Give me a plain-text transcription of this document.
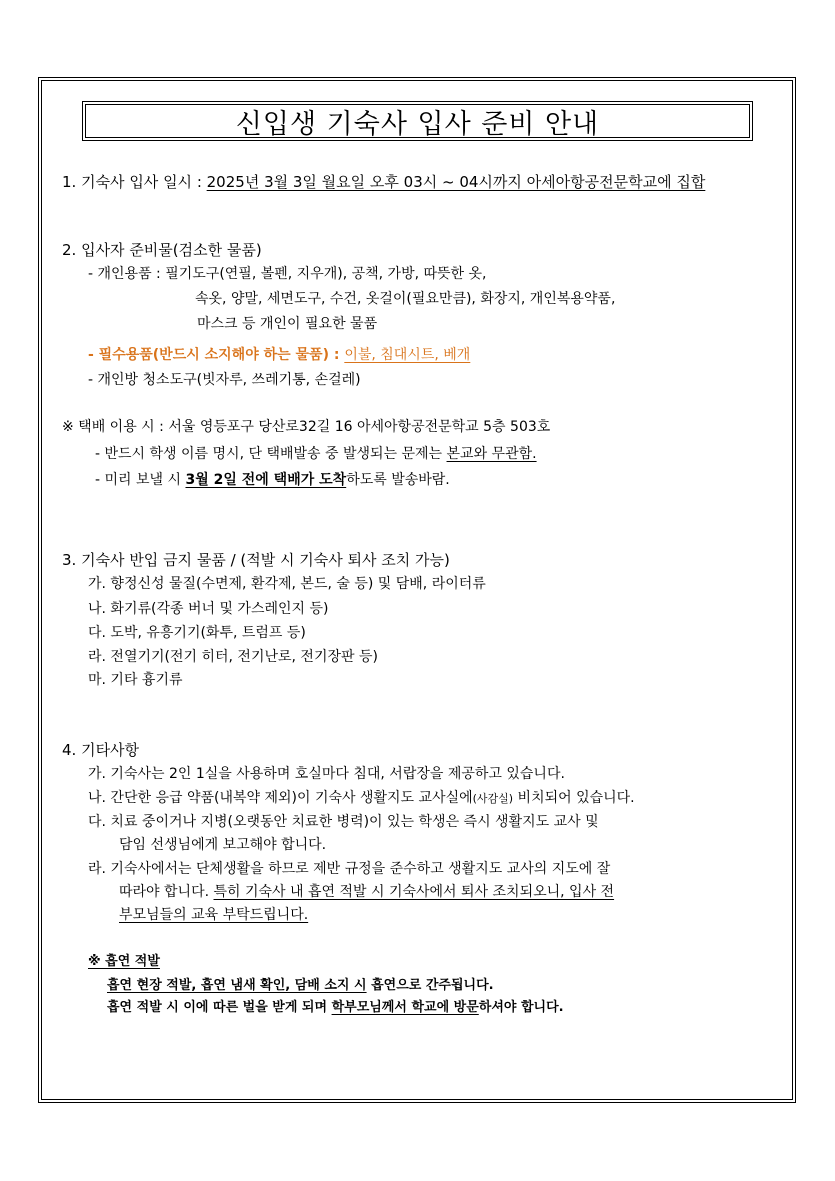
신입생 기숙사 입사 준비 안내
1. 기숙사 입사 일시 : 2025년 3월 3일 월요일 오후 03시 ~ 04시까지 아세아항공전문학교에 집합
2. 입사자 준비물(검소한 물품)
- 개인용품 : 필기도구(연필, 볼펜, 지우개), 공책, 가방, 따뜻한 옷,
속옷, 양말, 세면도구, 수건, 옷걸이(필요만큼), 화장지, 개인복용약품,
마스크 등 개인이 필요한 물품
- 필수용품(반드시 소지해야 하는 물품) : 이불, 침대시트, 베개
- 개인방 청소도구(빗자루, 쓰레기통, 손걸레)
※ 택배 이용 시 : 서울 영등포구 당산로32길 16 아세아항공전문학교 5층 503호
- 반드시 학생 이름 명시, 단 택배발송 중 발생되는 문제는 본교와 무관함.
- 미리 보낼 시 3월 2일 전에 택배가 도착하도록 발송바람.
3. 기숙사 반입 금지 물품 / (적발 시 기숙사 퇴사 조치 가능)
가. 향정신성 물질(수면제, 환각제, 본드, 술 등) 및 담배, 라이터류
나. 화기류(각종 버너 및 가스레인지 등)
다. 도박, 유흥기기(화투, 트럼프 등)
라. 전열기기(전기 히터, 전기난로, 전기장판 등)
마. 기타 흉기류
4. 기타사항
가. 기숙사는 2인 1실을 사용하며 호실마다 침대, 서랍장을 제공하고 있습니다.
나. 간단한 응급 약품(내복약 제외)이 기숙사 생활지도 교사실에(사감실) 비치되어 있습니다.
다. 치료 중이거나 지병(오랫동안 치료한 병력)이 있는 학생은 즉시 생활지도 교사 및
담임 선생님에게 보고해야 합니다.
라. 기숙사에서는 단체생활을 하므로 제반 규정을 준수하고 생활지도 교사의 지도에 잘
따라야 합니다. 특히 기숙사 내 흡연 적발 시 기숙사에서 퇴사 조치되오니, 입사 전
부모님들의 교육 부탁드립니다.
※ 흡연 적발
흡연 현장 적발, 흡연 냄새 확인, 담배 소지 시 흡연으로 간주됩니다.
흡연 적발 시 이에 따른 벌을 받게 되며 학부모님께서 학교에 방문하셔야 합니다.
